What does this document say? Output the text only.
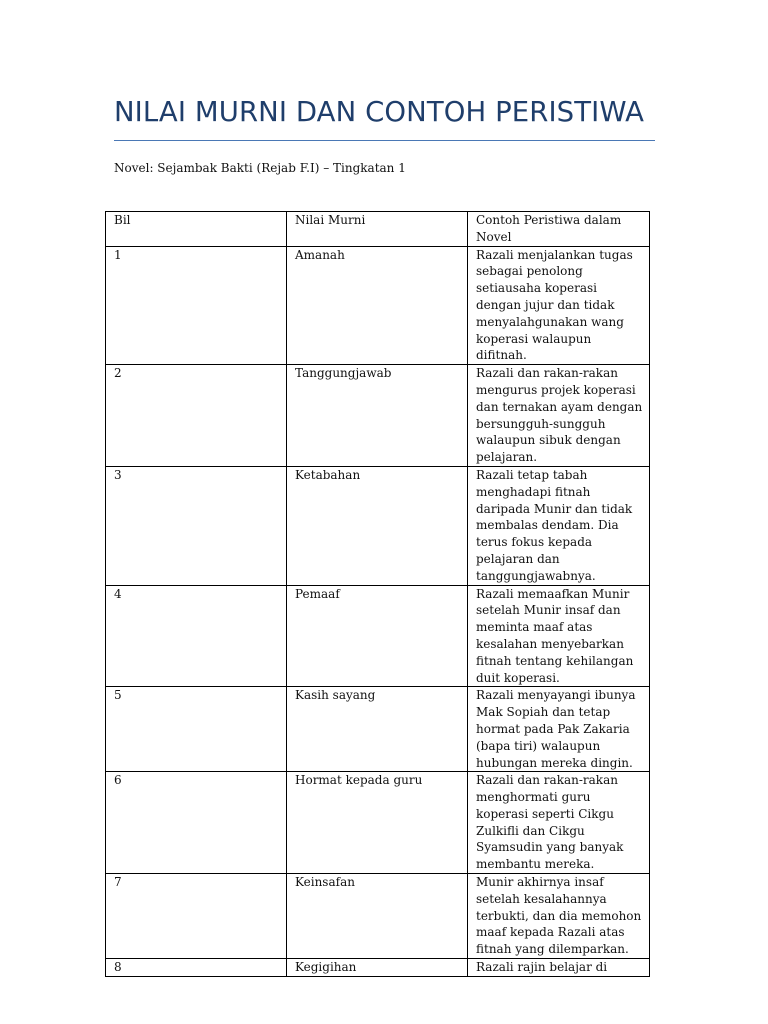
NILAI MURNI DAN CONTOH PERISTIWA

Novel: Sejambak Bakti (Rejab F.I) – Tingkatan 1

Bil	Nilai Murni	Contoh Peristiwa dalam Novel
1	Amanah	Razali menjalankan tugas sebagai penolong setiausaha koperasi dengan jujur dan tidak menyalahgunakan wang koperasi walaupun difitnah.
2	Tanggungjawab	Razali dan rakan-rakan mengurus projek koperasi dan ternakan ayam dengan bersungguh-sungguh walaupun sibuk dengan pelajaran.
3	Ketabahan	Razali tetap tabah menghadapi fitnah daripada Munir dan tidak membalas dendam. Dia terus fokus kepada pelajaran dan tanggungjawabnya.
4	Pemaaf	Razali memaafkan Munir setelah Munir insaf dan meminta maaf atas kesalahan menyebarkan fitnah tentang kehilangan duit koperasi.
5	Kasih sayang	Razali menyayangi ibunya Mak Sopiah dan tetap hormat pada Pak Zakaria (bapa tiri) walaupun hubungan mereka dingin.
6	Hormat kepada guru	Razali dan rakan-rakan menghormati guru koperasi seperti Cikgu Zulkifli dan Cikgu Syamsudin yang banyak membantu mereka.
7	Keinsafan	Munir akhirnya insaf setelah kesalahannya terbukti, dan dia memohon maaf kepada Razali atas fitnah yang dilemparkan.
8	Kegigihan	Razali rajin belajar di
